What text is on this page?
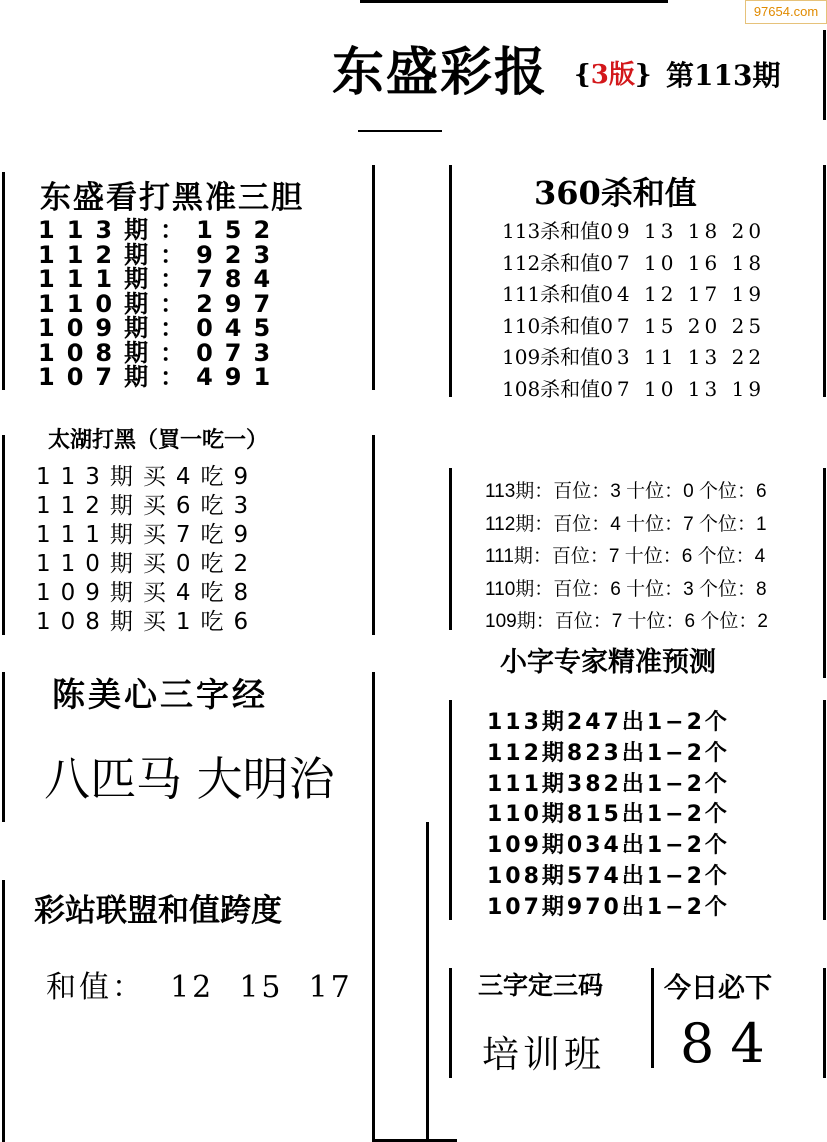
97654.com
东盛彩报 {3版} 第113期
东盛看打黑准三胆
113期：152
112期：923
111期：784
110期：297
109期：045
108期：073
107期：491
360杀和值
113杀和值09 13 18 20
112杀和值07 10 16 18
111杀和值04 12 17 19
110杀和值07 15 20 25
109杀和值03 11 13 22
108杀和值07 10 13 19
太湖打黑（買一吃一）
113期买4吃9
112期买6吃3
111期买7吃9
110期买0吃2
109期买4吃8
108期买1吃6
113期：百位：3 十位：0 个位：6
112期：百位：4 十位：7 个位：1
111期：百位：7 十位：6 个位：4
110期：百位：6 十位：3 个位：8
109期：百位：7 十位：6 个位：2
小字专家精准预测
113期247出1−2个
112期823出1−2个
111期382出1−2个
110期815出1−2个
109期034出1−2个
108期574出1−2个
107期970出1−2个
陈美心三字经
八匹马 大明治
彩站联盟和值跨度
和值：  12  15  17	三字定三码
培训班
今日必下
84
